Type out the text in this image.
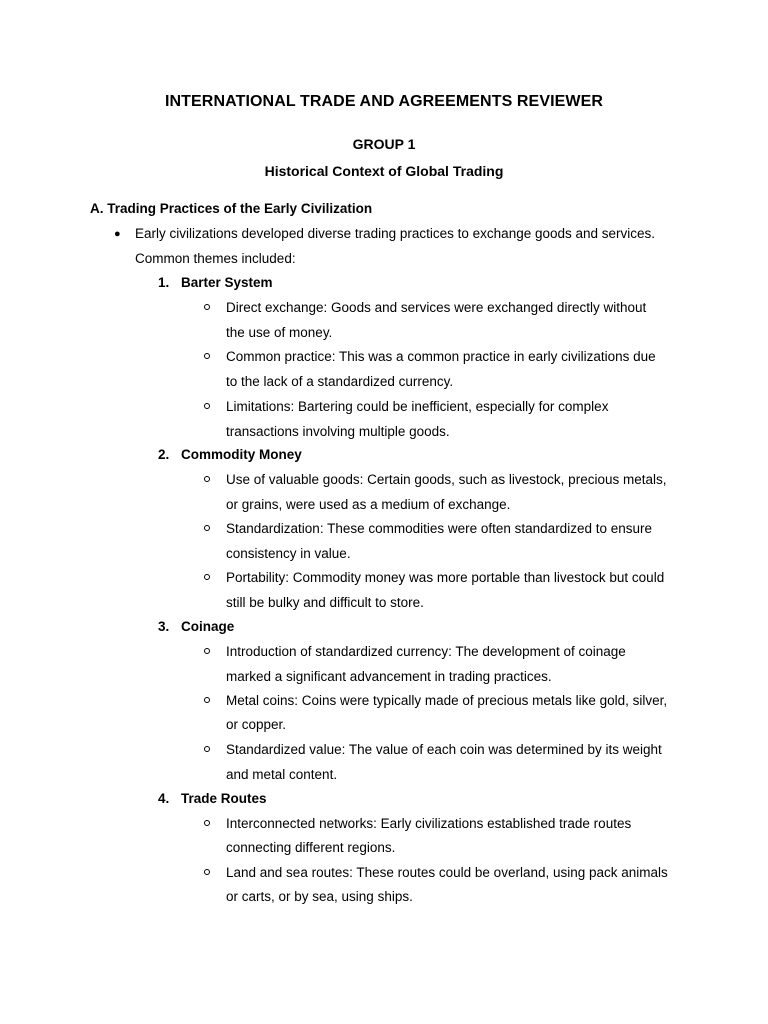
INTERNATIONAL TRADE AND AGREEMENTS REVIEWER
GROUP 1
Historical Context of Global Trading
A. Trading Practices of the Early Civilization
● Early civilizations developed diverse trading practices to exchange goods and services.
Common themes included:
1. Barter System
Direct exchange: Goods and services were exchanged directly without
the use of money.
Common practice: This was a common practice in early civilizations due
to the lack of a standardized currency.
Limitations: Bartering could be inefficient, especially for complex
transactions involving multiple goods.
2. Commodity Money
Use of valuable goods: Certain goods, such as livestock, precious metals,
or grains, were used as a medium of exchange.
Standardization: These commodities were often standardized to ensure
consistency in value.
Portability: Commodity money was more portable than livestock but could
still be bulky and difficult to store.
3. Coinage
Introduction of standardized currency: The development of coinage
marked a significant advancement in trading practices.
Metal coins: Coins were typically made of precious metals like gold, silver,
or copper.
Standardized value: The value of each coin was determined by its weight
and metal content.
4. Trade Routes
Interconnected networks: Early civilizations established trade routes
connecting different regions.
Land and sea routes: These routes could be overland, using pack animals
or carts, or by sea, using ships.
